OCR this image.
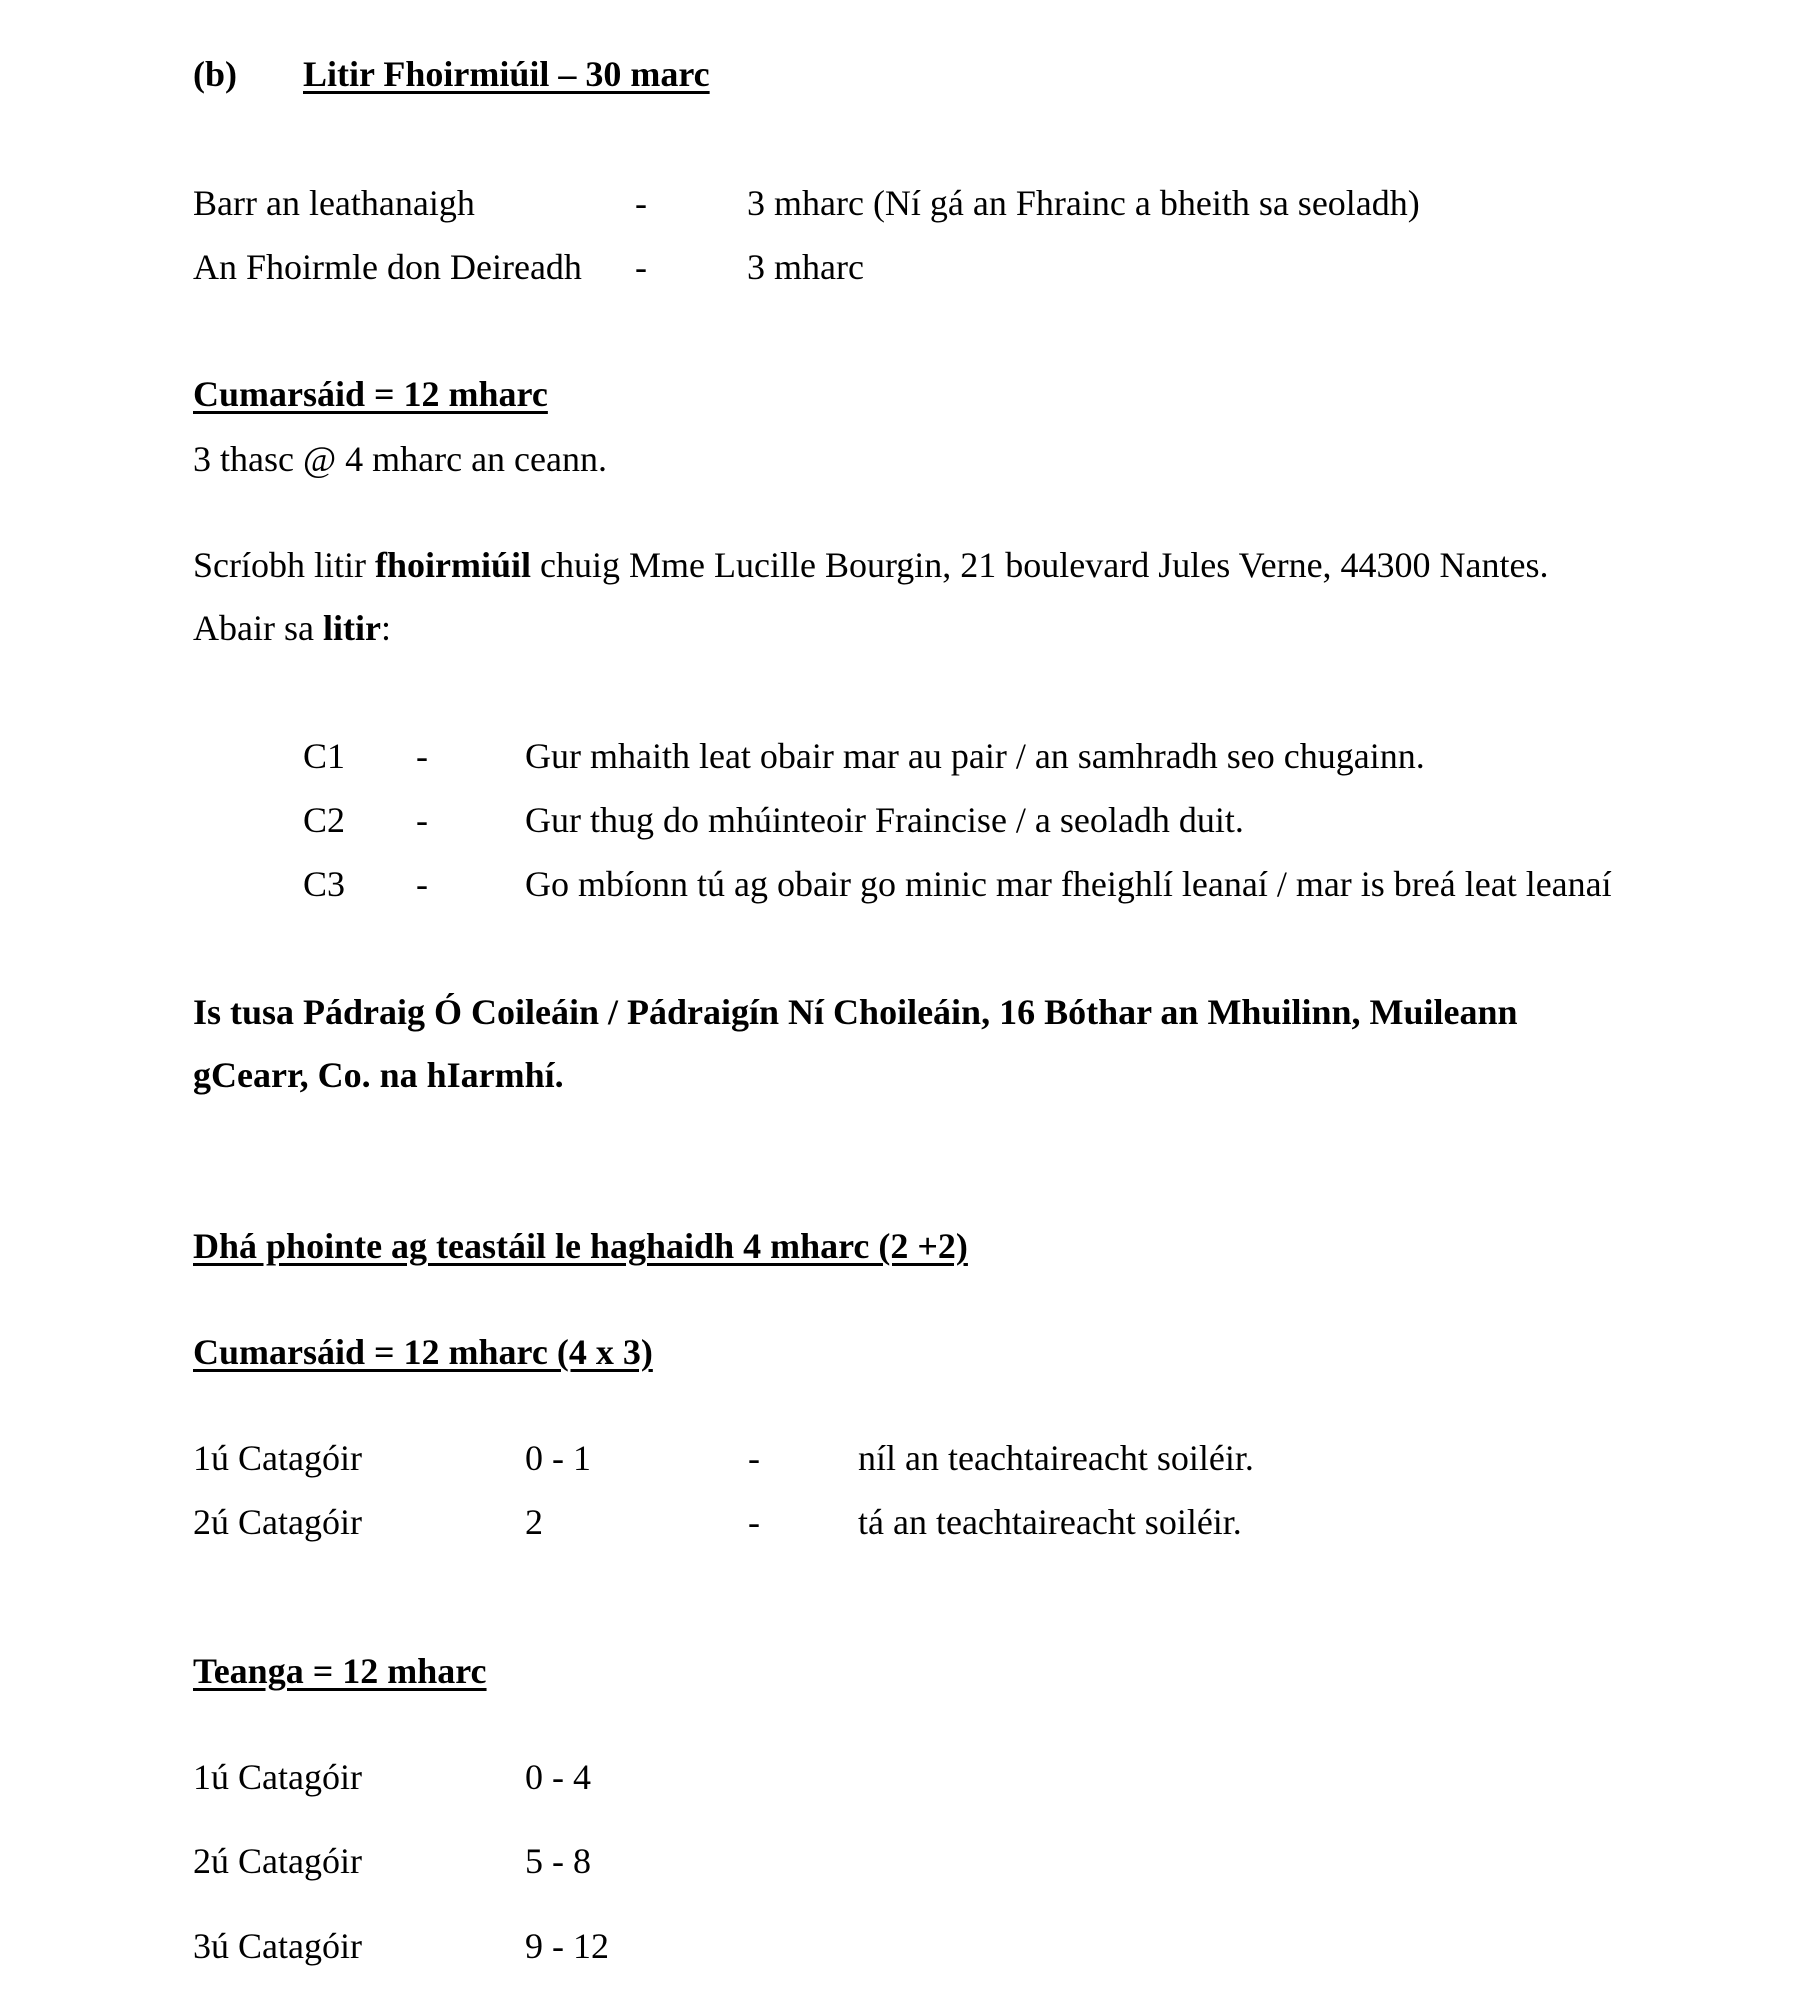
(b) Litir Fhoirmiúil – 30 marc
Barr an leathanaigh	-	3 mharc (Ní gá an Fhrainc a bheith sa seoladh)
An Fhoirmle don Deireadh -	3 mharc
Cumarsáid = 12 mharc
3 thasc @ 4 mharc an ceann.
Scríobh litir fhoirmiúil chuig Mme Lucille Bourgin, 21 boulevard Jules Verne, 44300 Nantes.
Abair sa litir:
C1 -	Gur mhaith leat obair mar au pair / an samhradh seo chugainn.
C2 -	Gur thug do mhúinteoir Fraincise / a seoladh duit.
C3 -	Go mbíonn tú ag obair go minic mar fheighlí leanaí / mar is breá leat leanaí
Is tusa Pádraig Ó Coileáin / Pádraigín Ní Choileáin, 16 Bóthar an Mhuilinn, Muileann
gCearr, Co. na hIarmhí.
Dhá phointe ag teastáil le haghaidh 4 mharc (2 +2)
Cumarsáid = 12 mharc (4 x 3)
1ú Catagóir	0 - 1	-	níl an teachtaireacht soiléir.
2ú Catagóir	2	-	tá an teachtaireacht soiléir.
Teanga = 12 mharc
1ú Catagóir	0 - 4
2ú Catagóir	5 - 8
3ú Catagóir	9 - 12
